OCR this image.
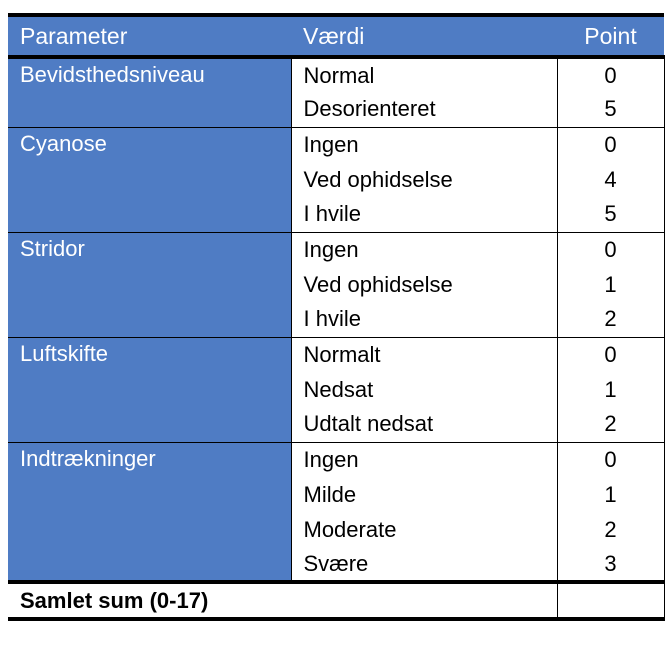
Parameter	Værdi	Point
Bevidsthedsniveau	Normal	0
	Desorienteret	5
Cyanose	Ingen	0
	Ved ophidselse	4
	I hvile	5
Stridor	Ingen	0
	Ved ophidselse	1
	I hvile	2
Luftskifte	Normalt	0
	Nedsat	1
	Udtalt nedsat	2
Indtrækninger	Ingen	0
	Milde	1
	Moderate	2
	Svære	3
Samlet sum (0-17)		
